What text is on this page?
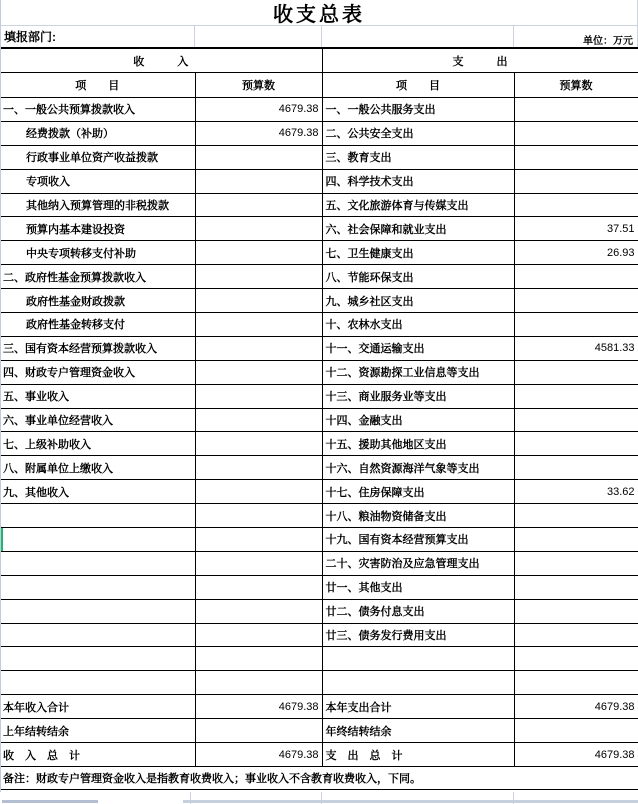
收支总表
填报部门:	单位：万元
收　　　入		支　　　出	
项　　目	预算数	项　　目	预算数
一、一般公共预算拨款收入	4679.38	一、一般公共服务支出	
经费拨款（补助）	4679.38	二、公共安全支出	
行政事业单位资产收益拨款		三、教育支出	
专项收入		四、科学技术支出	
其他纳入预算管理的非税拨款		五、文化旅游体育与传媒支出	
预算内基本建设投资		六、社会保障和就业支出	37.51
中央专项转移支付补助		七、卫生健康支出	26.93
二、政府性基金预算拨款收入		八、节能环保支出	
政府性基金财政拨款		九、城乡社区支出	
政府性基金转移支付		十、农林水支出	
三、国有资本经营预算拨款收入		十一、交通运输支出	4581.33
四、财政专户管理资金收入		十二、资源勘探工业信息等支出	
五、事业收入		十三、商业服务业等支出	
六、事业单位经营收入		十四、金融支出	
七、上级补助收入		十五、援助其他地区支出	
八、附属单位上缴收入		十六、自然资源海洋气象等支出	
九、其他收入		十七、住房保障支出	33.62
		十八、粮油物资储备支出	
		十九、国有资本经营预算支出	
		二十、灾害防治及应急管理支出	
		廿一、其他支出	
		廿二、债务付息支出	
		廿三、债务发行费用支出	

本年收入合计	4679.38	本年支出合计	4679.38
上年结转结余		年终结转结余	
收　入　总　计	4679.38	支　出　总　计	4679.38
备注：财政专户管理资金收入是指教育收费收入；事业收入不含教育收费收入，下同。			
